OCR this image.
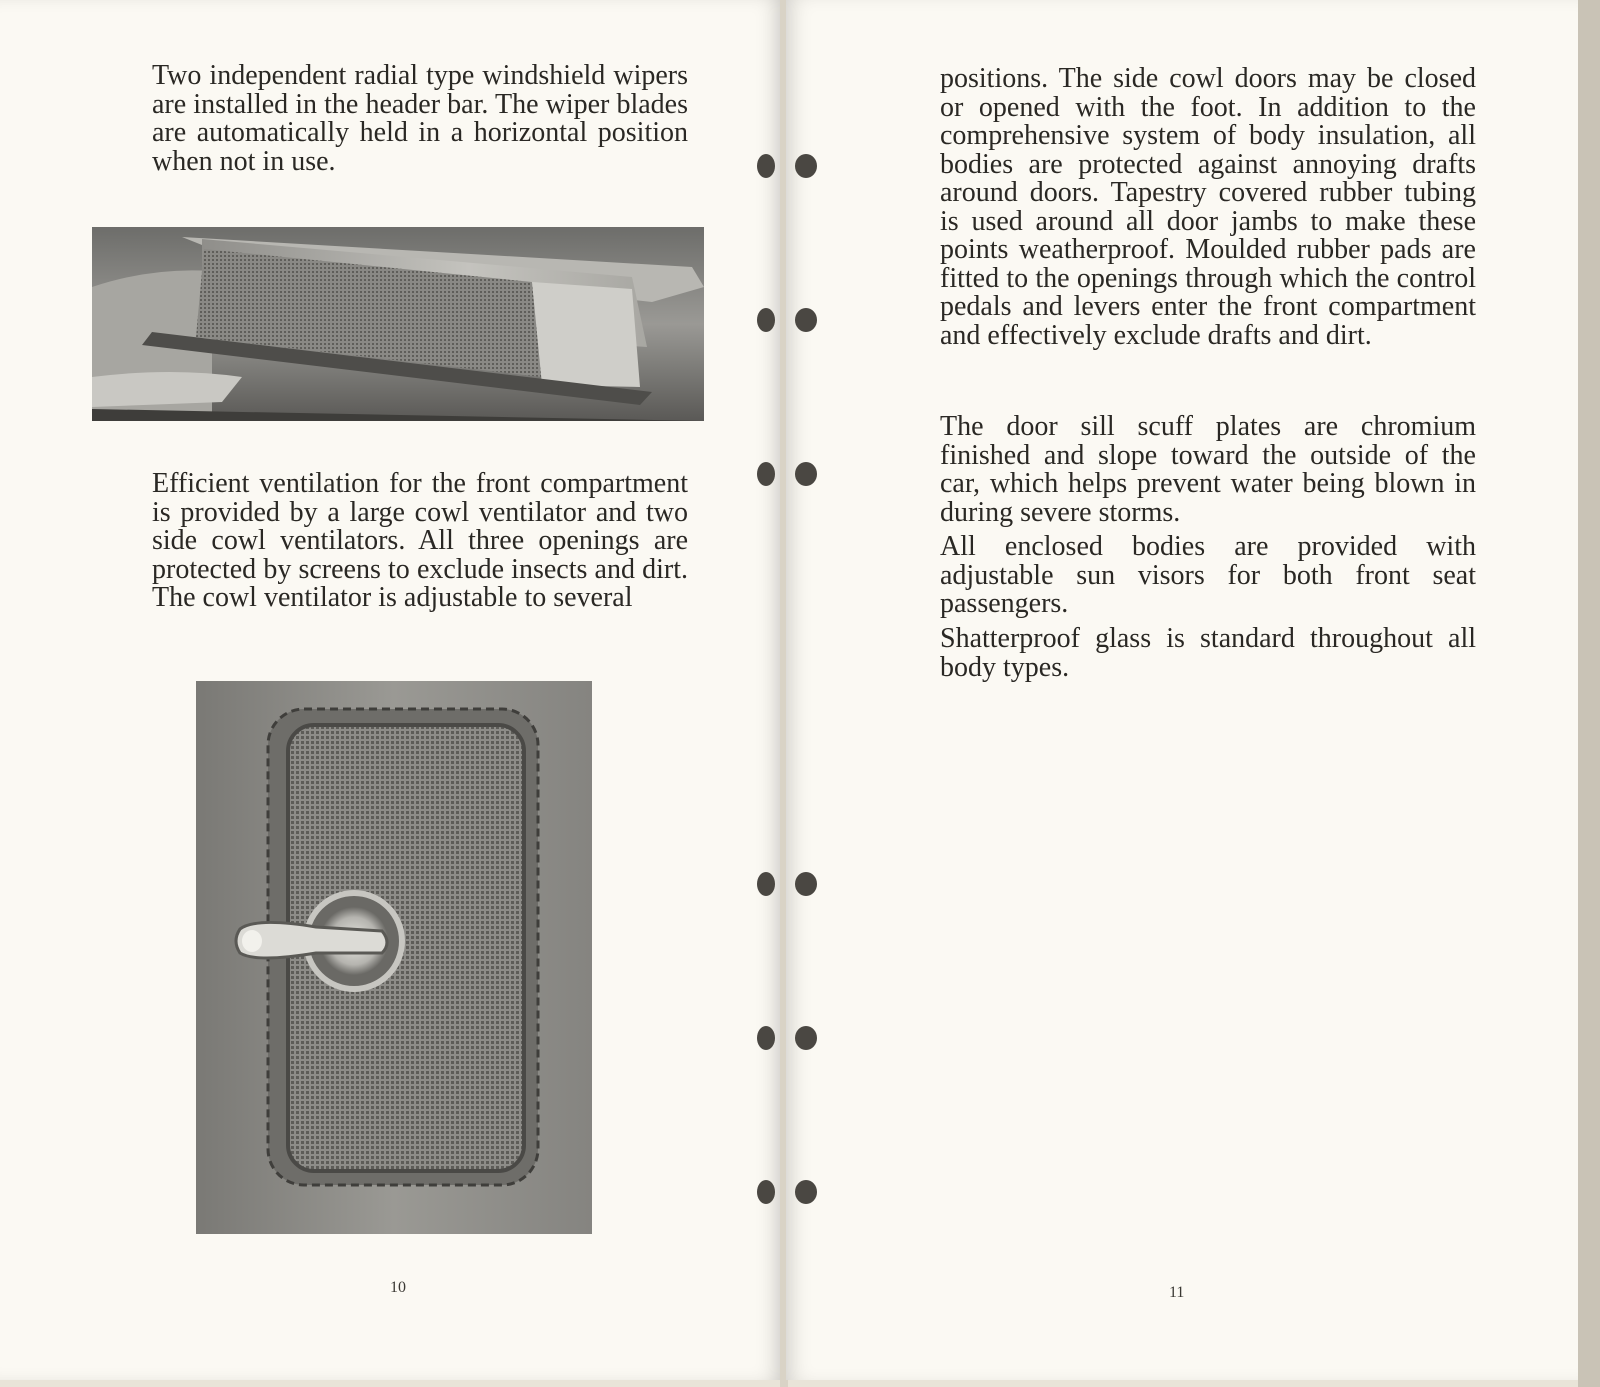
Two independent radial type windshield wipers are installed in the header bar. The wiper blades are automatically held in a horizontal position when not in use.

Efficient ventilation for the front compartment is provided by a large cowl ventilator and two side cowl ventilators. All three openings are protected by screens to exclude insects and dirt. The cowl ventilator is adjustable to several

10

positions. The side cowl doors may be closed or opened with the foot. In addition to the comprehensive system of body insulation, all bodies are protected against annoying drafts around doors. Tapestry covered rubber tubing is used around all door jambs to make these points weatherproof. Moulded rubber pads are fitted to the openings through which the control pedals and levers enter the front compartment and effectively exclude drafts and dirt.

The door sill scuff plates are chromium finished and slope toward the outside of the car, which helps prevent water being blown in during severe storms.

All enclosed bodies are provided with adjustable sun visors for both front seat passengers.

Shatterproof glass is standard throughout all body types.

11
